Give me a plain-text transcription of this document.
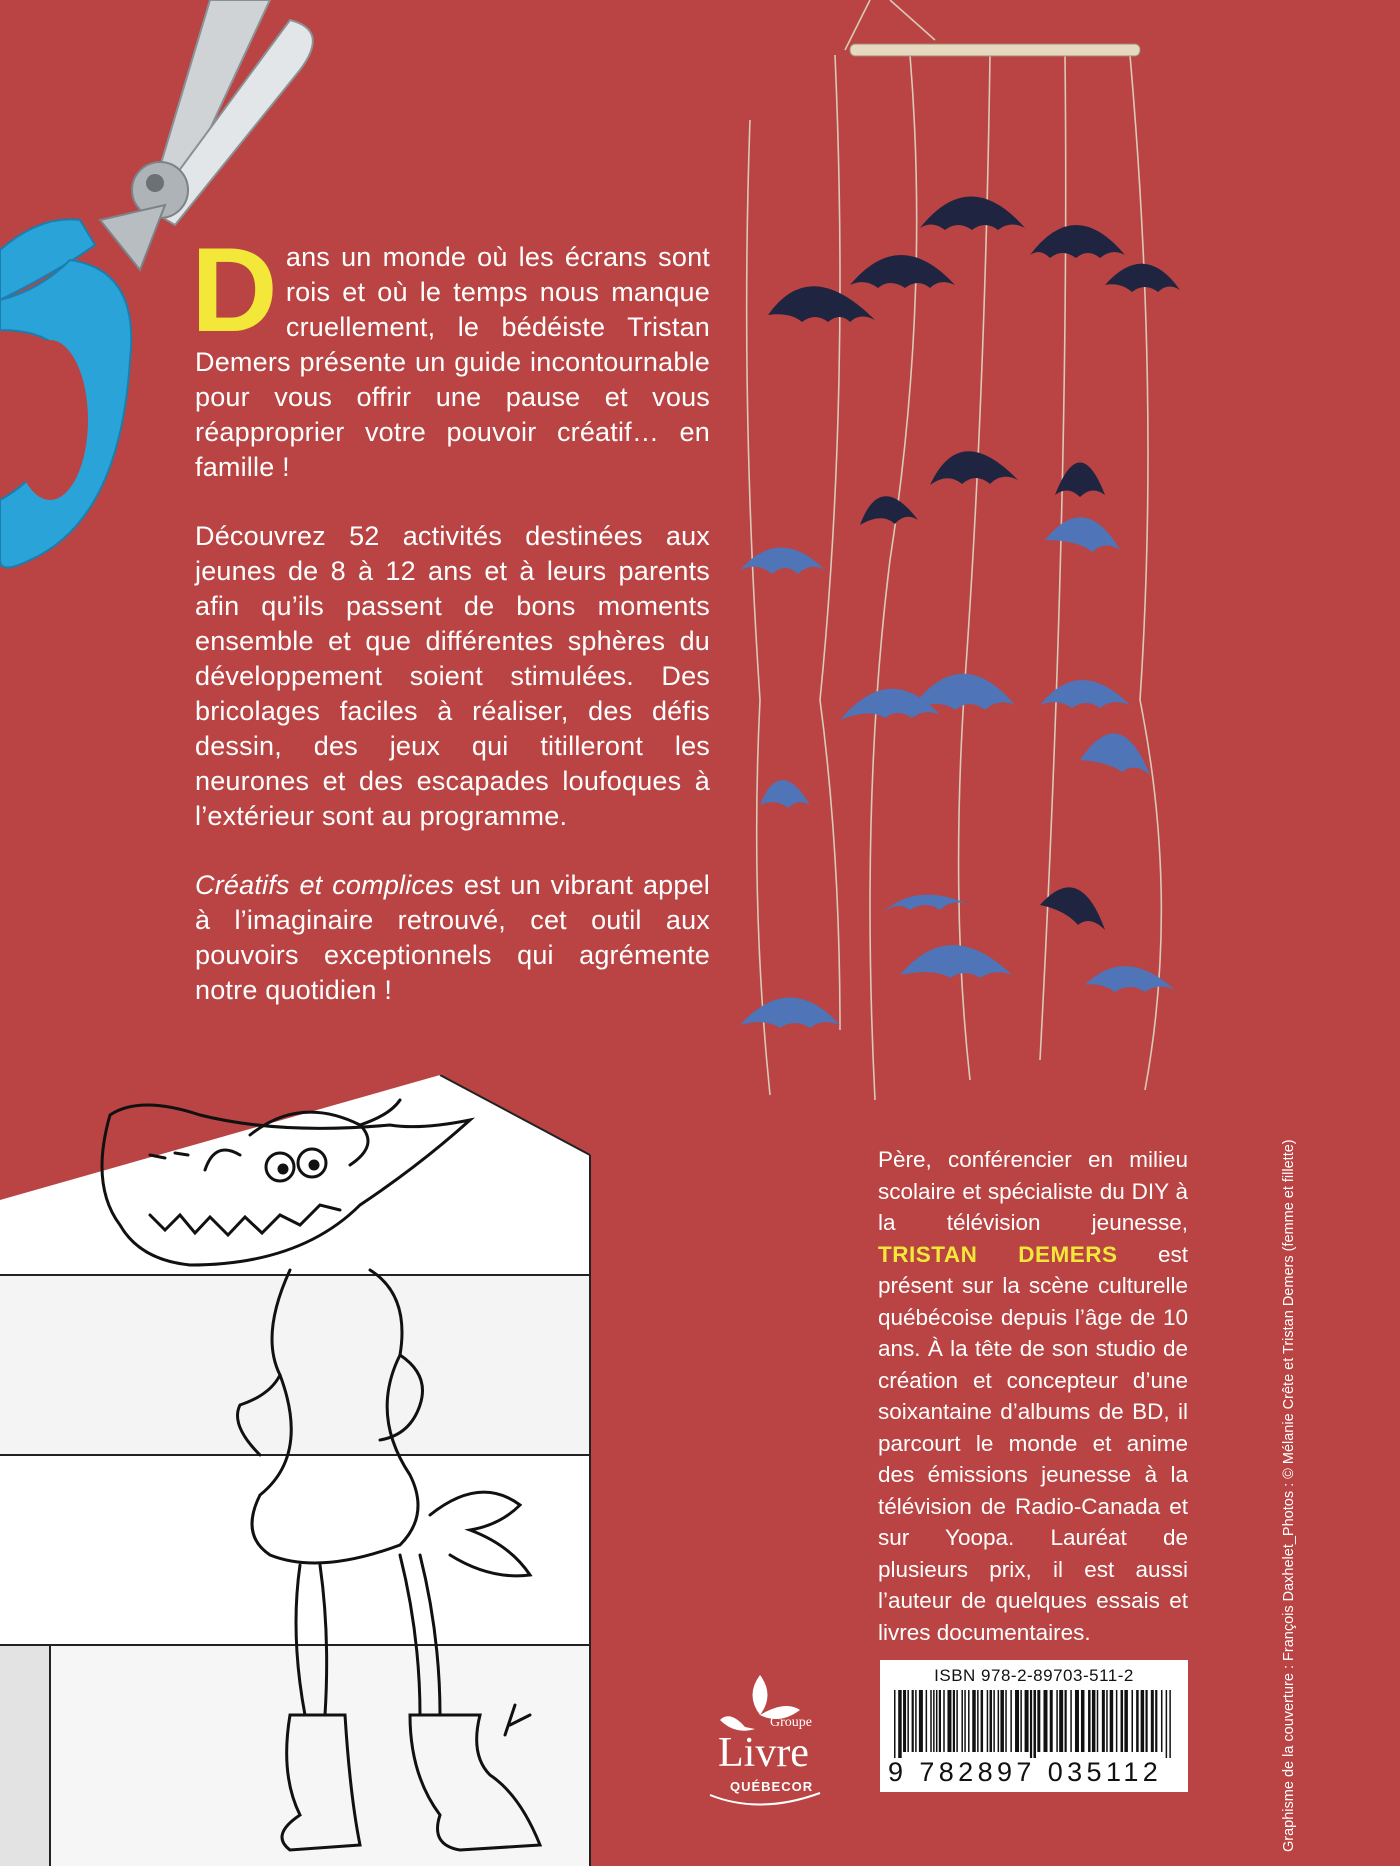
Dans un monde où les écrans sont rois et où le temps nous manque cruellement, le bédéiste Tristan Demers présente un guide incontournable pour vous offrir une pause et vous réapproprier votre pouvoir créatif… en famille !

Découvrez 52 activités destinées aux jeunes de 8 à 12 ans et à leurs parents afin qu’ils passent de bons moments ensemble et que différentes sphères du développement soient stimulées. Des bricolages faciles à réaliser, des défis dessin, des jeux qui titilleront les neurones et des escapades loufoques à l’extérieur sont au programme.

Créatifs et complices est un vibrant appel à l’imaginaire retrouvé, cet outil aux pouvoirs exceptionnels qui agrémente notre quotidien !

Père, conférencier en milieu scolaire et spécialiste du DIY à la télévision jeunesse, TRISTAN DEMERS est présent sur la scène culturelle québécoise depuis l’âge de 10 ans. À la tête de son studio de création et concepteur d’une soixantaine d’albums de BD, il parcourt le monde et anime des émissions jeunesse à la télévision de Radio-Canada et sur Yoopa. Lauréat de plusieurs prix, il est aussi l’auteur de quelques essais et livres documentaires.
Groupe
Livre
QUÉBECOR
ISBN 978-2-89703-511-2
9 782897 035112	Graphisme de la couverture : François Daxhelet_Photos : © Mélanie Crête et Tristan Demers (femme et fillette)
